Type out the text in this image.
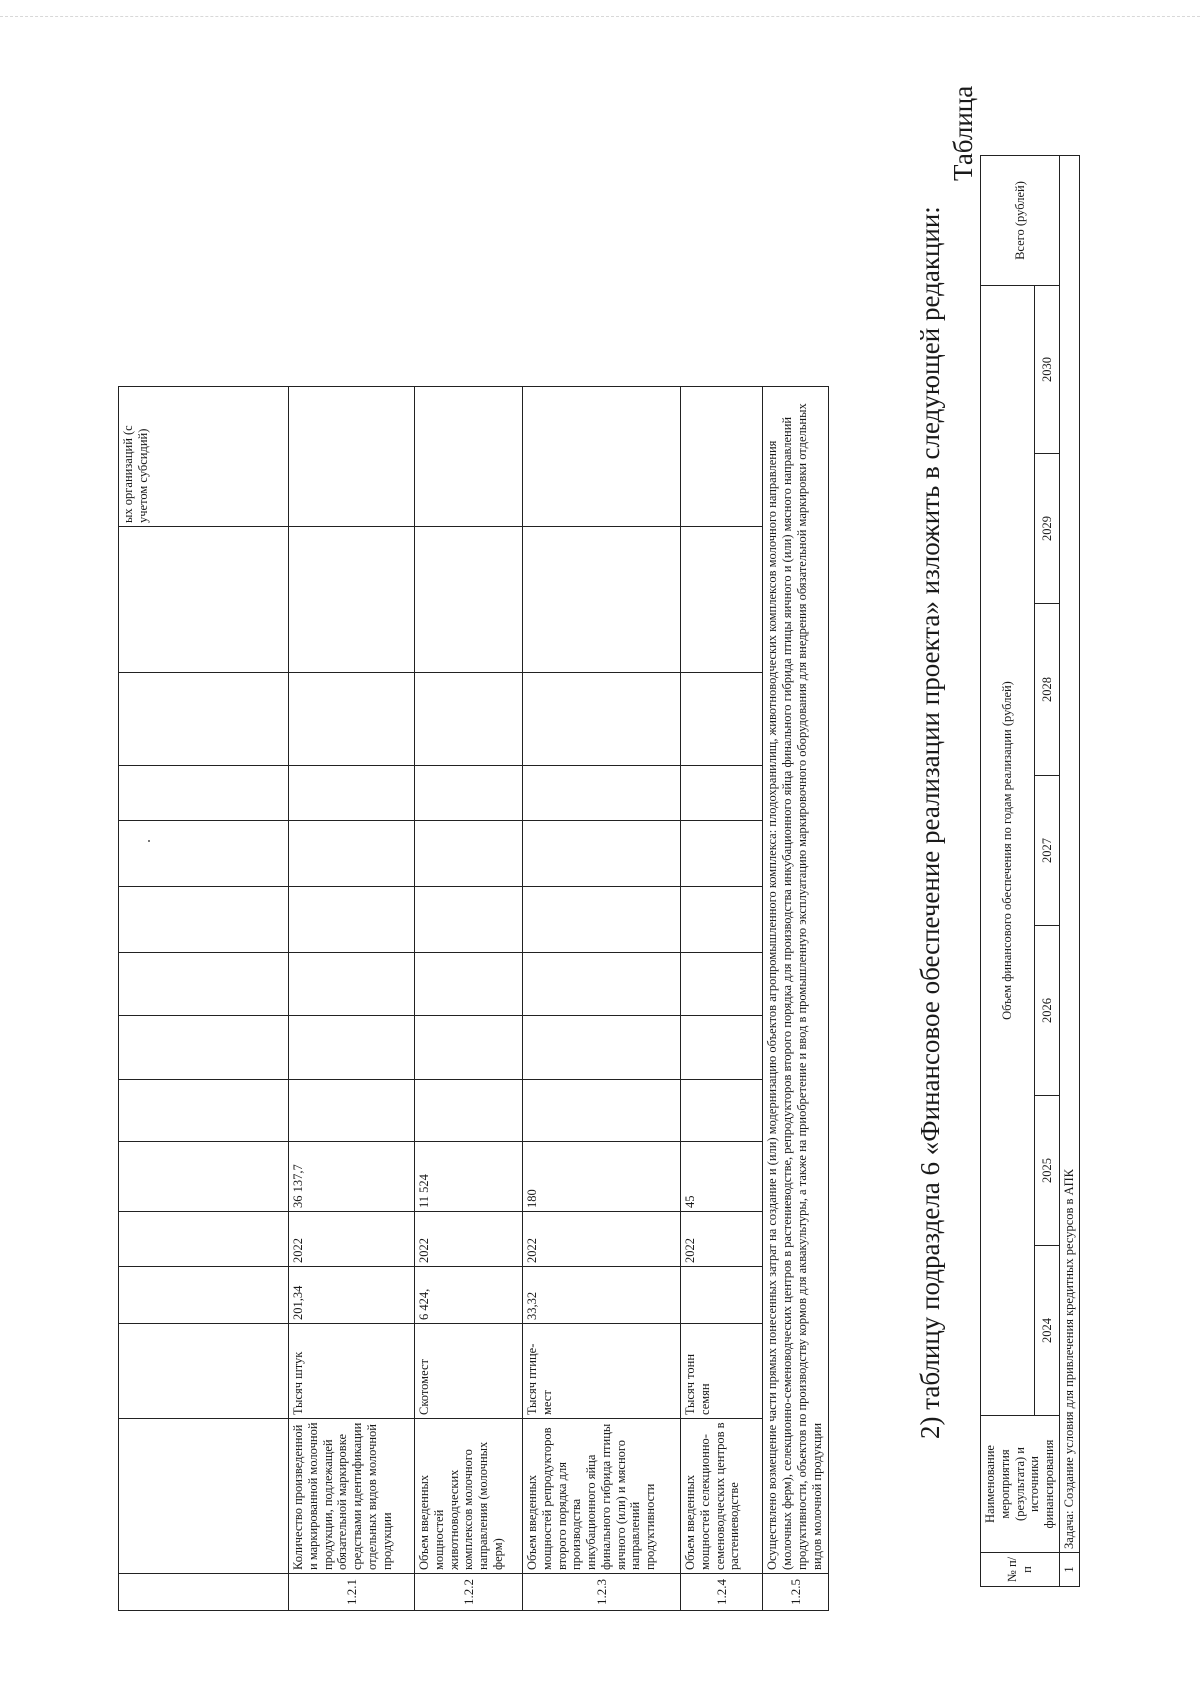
														ых организаций (с учетом субсидий)
1.2.1	Количество произведенной и маркированной молочной продукции, подлежащей обязательной маркировке средствами идентификации отдельных видов молочной продукции	Тысяч штук	201,34	2022	36 137,7									
1.2.2	Объем введенных мощностей животноводческих комплексов молочного направления (молочных ферм)	Скотомест	6 424,	2022	11 524									
1.2.3	Объем введенных мощностей репродукторов второго порядка для производства инкубационного яйца финального гибрида птицы яичного (или) и мясного направлений продуктивности	Тысяч птице-мест	33,32	2022	180									
1.2.4	Объем введенных мощностей селекционно-семеноводческих центров в растениеводстве	Тысяч тонн семян		2022	45									
1.2.5	Осуществлено возмещение части прямых понесенных затрат на создание и (или) модернизацию объектов агропромышленного комплекса: плодохранилищ, животноводческих комплексов молочного направления (молочных ферм), селекционно-семеноводческих центров в растениеводстве, репродукторов второго порядка для производства инкубационного яйца финального гибрида птицы яичного и (или) мясного направлений продуктивности, объектов по производству кормов для аквакультуры, а также на приобретение и ввод в промышленную эксплуатацию маркировочного оборудования для внедрения обязательной маркировки отдельных видов молочной продукции													
2) таблицу подраздела 6 «Финансовое обеспечение реализации проекта» изложить в следующей редакции:
Таблица
№ п/п	Наименование мероприятия (результата) и источники финансирования	Объем финансового обеспечения по годам реализации (рублей)							Всего (рублей)
		2024	2025	2026	2027	2028	2029	2030	
1	Задача: Создание условия для привлечения кредитных ресурсов в АПК								
